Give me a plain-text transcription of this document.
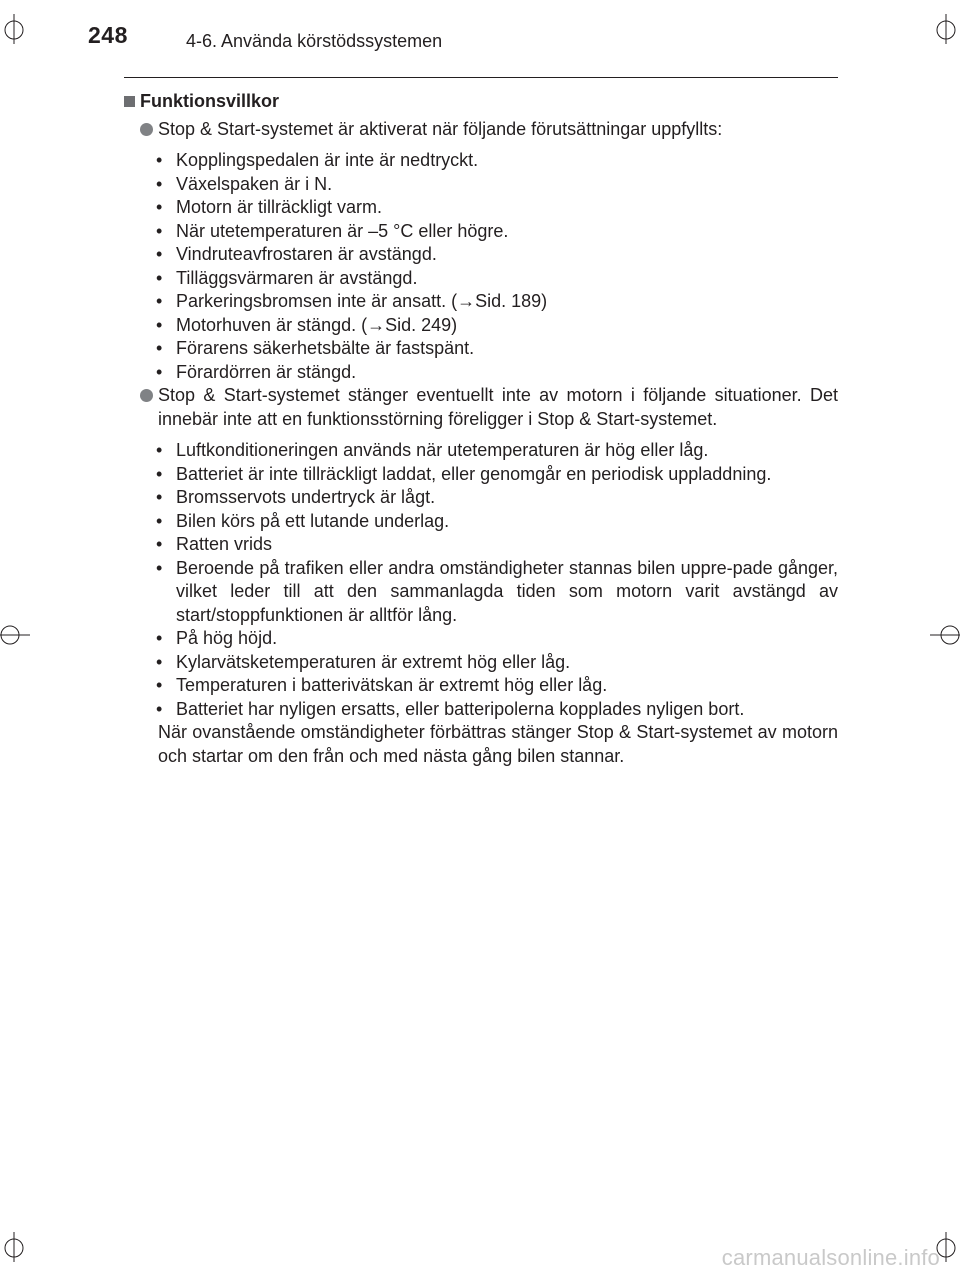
248	4-6. Använda körstödssystemen
Funktionsvillkor
Stop & Start-systemet är aktiverat när följande förutsättningar uppfyllts:
• Kopplingspedalen är inte är nedtryckt.
• Växelspaken är i N.
• Motorn är tillräckligt varm.
• När utetemperaturen är –5 °C eller högre.
• Vindruteavfrostaren är avstängd.
• Tilläggsvärmaren är avstängd.
• Parkeringsbromsen inte är ansatt. (→Sid. 189)
• Motorhuven är stängd. (→Sid. 249)
• Förarens säkerhetsbälte är fastspänt.
• Förardörren är stängd.
Stop & Start-systemet stänger eventuellt inte av motorn i följande situationer. Det innebär inte att en funktionsstörning föreligger i Stop & Start-systemet.
• Luftkonditioneringen används när utetemperaturen är hög eller låg.
• Batteriet är inte tillräckligt laddat, eller genomgår en periodisk uppladdning.
• Bromsservots undertryck är lågt.
• Bilen körs på ett lutande underlag.
• Ratten vrids
• Beroende på trafiken eller andra omständigheter stannas bilen uppre-pade gånger, vilket leder till att den sammanlagda tiden som motorn varit avstängd av start/stoppfunktionen är alltför lång.
• På hög höjd.
• Kylarvätsketemperaturen är extremt hög eller låg.
• Temperaturen i batterivätskan är extremt hög eller låg.
• Batteriet har nyligen ersatts, eller batteripolerna kopplades nyligen bort.
När ovanstående omständigheter förbättras stänger Stop & Start-systemet av motorn och startar om den från och med nästa gång bilen stannar.
carmanualsonline.info
